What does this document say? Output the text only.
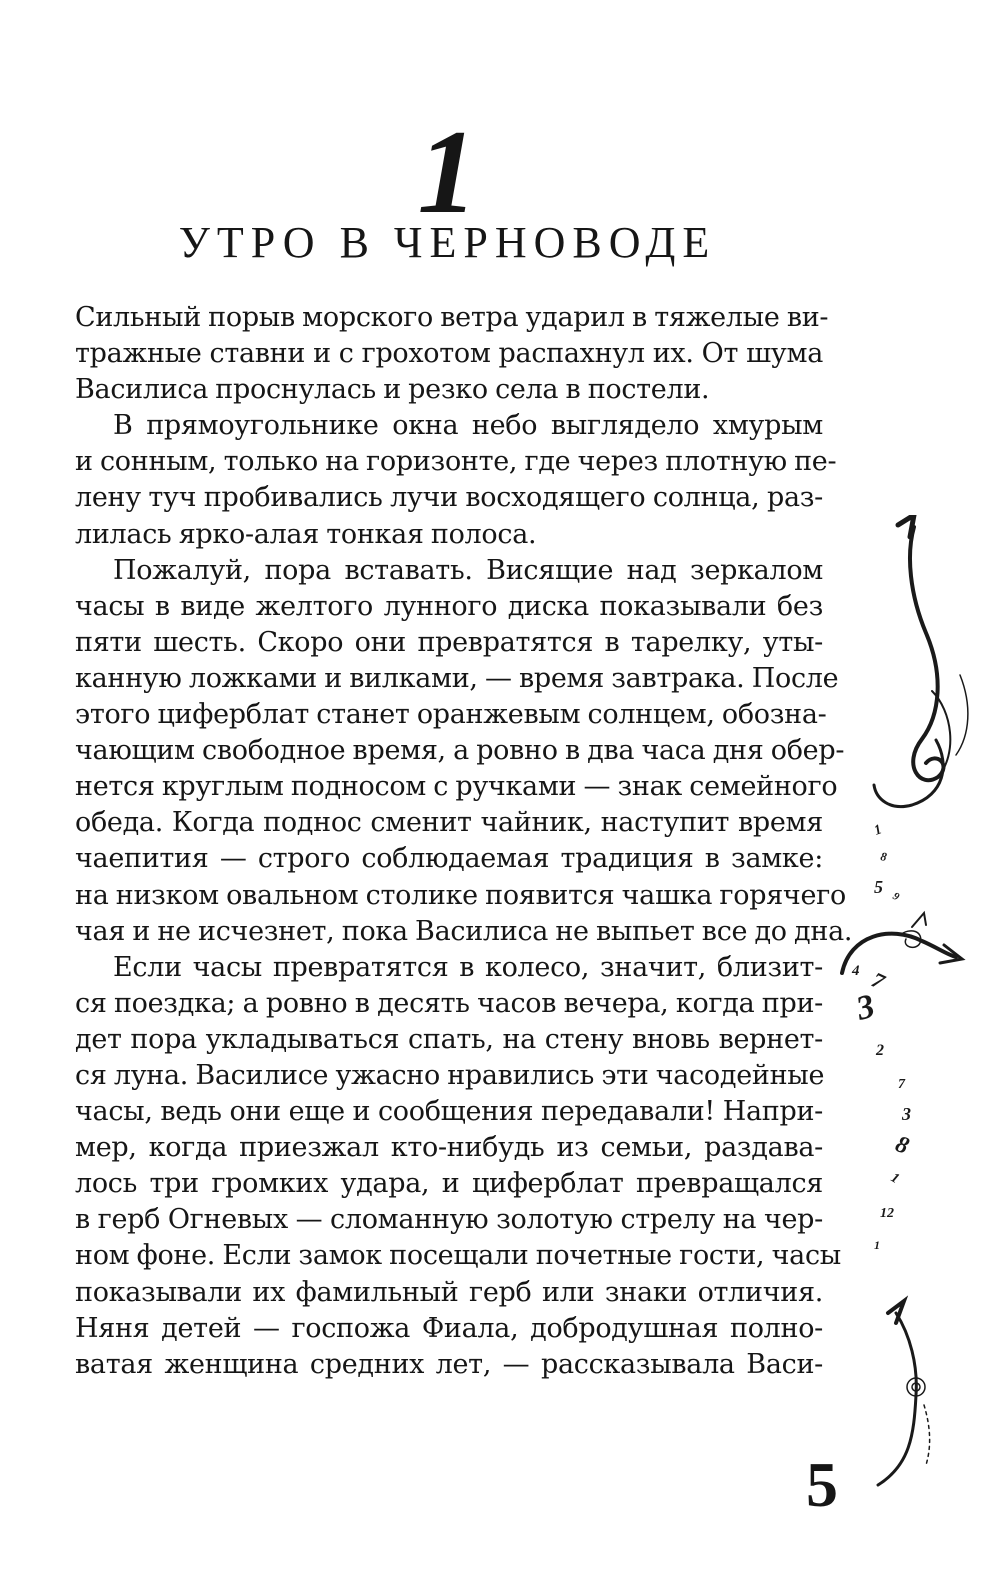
1
УТРО В ЧЕРНОВОДЕ
Сильный порыв морского ветра ударил в тяжелые ви-
тражные ставни и с грохотом распахнул их. От шума
Василиса проснулась и резко села в постели.
В прямоугольнике окна небо выглядело хмурым
и сонным, только на горизонте, где через плотную пе-
лену туч пробивались лучи восходящего солнца, раз-
лилась ярко-алая тонкая полоса.
Пожалуй, пора вставать. Висящие над зеркалом
часы в виде желтого лунного диска показывали без
пяти шесть. Скоро они превратятся в тарелку, уты-
канную ложками и вилками, — время завтрака. После
этого циферблат станет оранжевым солнцем, обозна-
чающим свободное время, а ровно в два часа дня обер-
нется круглым подносом с ручками — знак семейного
обеда. Когда поднос сменит чайник, наступит время
чаепития — строго соблюдаемая традиция в замке:
на низком овальном столике появится чашка горячего
чая и не исчезнет, пока Василиса не выпьет все до дна.
Если часы превратятся в колесо, значит, близит-
ся поездка; а ровно в десять часов вечера, когда при-
дет пора укладываться спать, на стену вновь вернет-
ся луна. Василисе ужасно нравились эти часодейные
часы, ведь они еще и сообщения передавали! Напри-
мер, когда приезжал кто-нибудь из семьи, раздава-
лось три громких удара, и циферблат превращался
в герб Огневых — сломанную золотую стрелу на чер-
ном фоне. Если замок посещали почетные гости, часы
показывали их фамильный герб или знаки отличия.
Няня детей — госпожа Фиала, добродушная полно-
ватая женщина средних лет, — рассказывала Васи-
1
8
5 9
4 7
3
2
7
3
8
1
12
1
5
